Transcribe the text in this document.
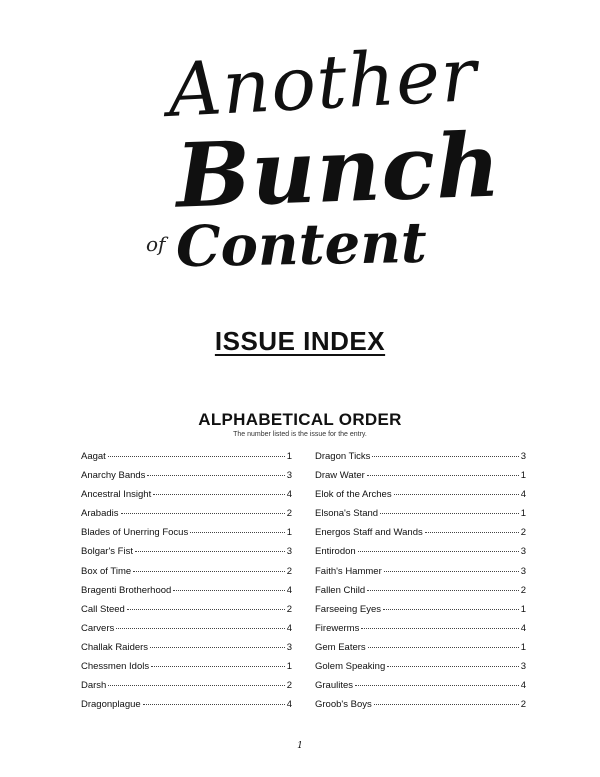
Another
Bunch
of Content
ISSUE INDEX
ALPHABETICAL ORDER
The number listed is the issue for the entry.
Aagat	1
Anarchy Bands	3
Ancestral Insight	4
Arabadis	2
Blades of Unerring Focus	1
Bolgar's Fist	3
Box of Time	2
Bragenti Brotherhood	4
Call Steed	2
Carvers	4
Challak Raiders	3
Chessmen Idols	1
Darsh	2
Dragonplague	4
Dragon Ticks	3
Draw Water	1
Elok of the Arches	4
Elsona's Stand	1
Energos Staff and Wands	2
Entirodon	3
Faith's Hammer	3
Fallen Child	2
Farseeing Eyes	1
Firewerms	4
Gem Eaters	1
Golem Speaking	3
Graulites	4
Groob's Boys	2
1
